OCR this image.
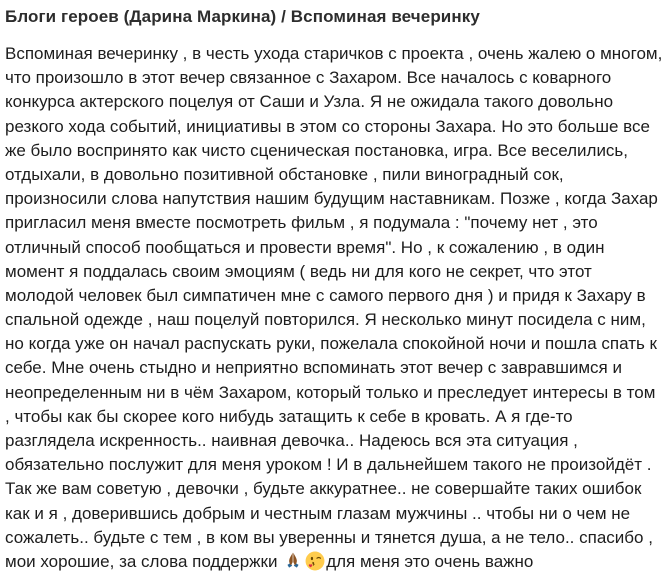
Блоги героев (Дарина Маркина) / Вспоминая вечеринку
Вспоминая вечеринку , в честь ухода старичков с проекта , очень жалею о многом,
что произошло в этот вечер связанное с Захаром. Все началось с коварного
конкурса актерского поцелуя от Саши и Узла. Я не ожидала такого довольно
резкого хода событий, инициативы в этом со стороны Захара. Но это больше все
же было воспринято как чисто сценическая постановка, игра. Все веселились,
отдыхали, в довольно позитивной обстановке , пили виноградный сок,
произносили слова напутствия нашим будущим наставникам. Позже , когда Захар
пригласил меня вместе посмотреть фильм , я подумала : "почему нет , это
отличный способ пообщаться и провести время". Но , к сожалению , в один
момент я поддалась своим эмоциям ( ведь ни для кого не секрет, что этот
молодой человек был симпатичен мне с самого первого дня ) и придя к Захару в
спальной одежде , наш поцелуй повторился. Я несколько минут посидела с ним,
но когда уже он начал распускать руки, пожелала спокойной ночи и пошла спать к
себе. Мне очень стыдно и неприятно вспоминать этот вечер с завравшимся и
неопределенным ни в чём Захаром, который только и преследует интересы в том
, чтобы как бы скорее кого нибудь затащить к себе в кровать. А я где-то
разглядела искренность.. наивная девочка.. Надеюсь вся эта ситуация ,
обязательно послужит для меня уроком ! И в дальнейшем такого не произойдёт .
Так же вам советую , девочки , будьте аккуратнее.. не совершайте таких ошибок
как и я , доверившись добрым и честным глазам мужчины .. чтобы ни о чем не
сожалеть.. будьте с тем , в ком вы уверенны и тянется душа, а не тело.. спасибо ,
мои хорошие, за слова поддержки	для меня это очень важно
